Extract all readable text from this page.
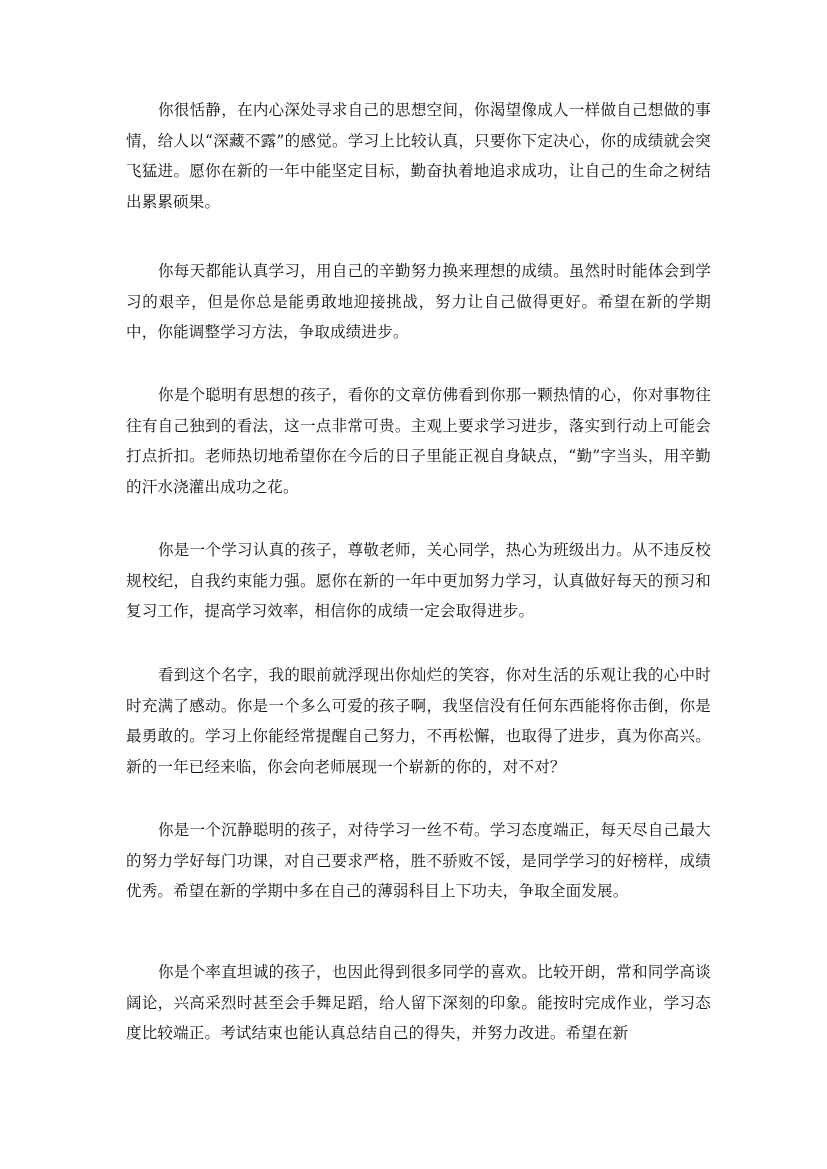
你很恬静，在内心深处寻求自己的思想空间，你渴望像成人一样做自己想做的事情，给人以“深藏不露”的感觉。学习上比较认真，只要你下定决心，你的成绩就会突飞猛进。愿你在新的一年中能坚定目标，勤奋执着地追求成功，让自己的生命之树结出累累硕果。

你每天都能认真学习，用自己的辛勤努力换来理想的成绩。虽然时时能体会到学习的艰辛，但是你总是能勇敢地迎接挑战，努力让自己做得更好。希望在新的学期中，你能调整学习方法，争取成绩进步。

你是个聪明有思想的孩子，看你的文章仿佛看到你那一颗热情的心，你对事物往往有自己独到的看法，这一点非常可贵。主观上要求学习进步，落实到行动上可能会打点折扣。老师热切地希望你在今后的日子里能正视自身缺点，“勤”字当头，用辛勤的汗水浇灌出成功之花。

你是一个学习认真的孩子，尊敬老师，关心同学，热心为班级出力。从不违反校规校纪，自我约束能力强。愿你在新的一年中更加努力学习，认真做好每天的预习和复习工作，提高学习效率，相信你的成绩一定会取得进步。

看到这个名字，我的眼前就浮现出你灿烂的笑容，你对生活的乐观让我的心中时时充满了感动。你是一个多么可爱的孩子啊，我坚信没有任何东西能将你击倒，你是最勇敢的。学习上你能经常提醒自己努力，不再松懈，也取得了进步，真为你高兴。新的一年已经来临，你会向老师展现一个崭新的你的，对不对？

你是一个沉静聪明的孩子，对待学习一丝不苟。学习态度端正，每天尽自己最大的努力学好每门功课，对自己要求严格，胜不骄败不馁，是同学学习的好榜样，成绩优秀。希望在新的学期中多在自己的薄弱科目上下功夫，争取全面发展。

你是个率直坦诚的孩子，也因此得到很多同学的喜欢。比较开朗，常和同学高谈阔论，兴高采烈时甚至会手舞足蹈，给人留下深刻的印象。能按时完成作业，学习态度比较端正。考试结束也能认真总结自己的得失，并努力改进。希望在新
